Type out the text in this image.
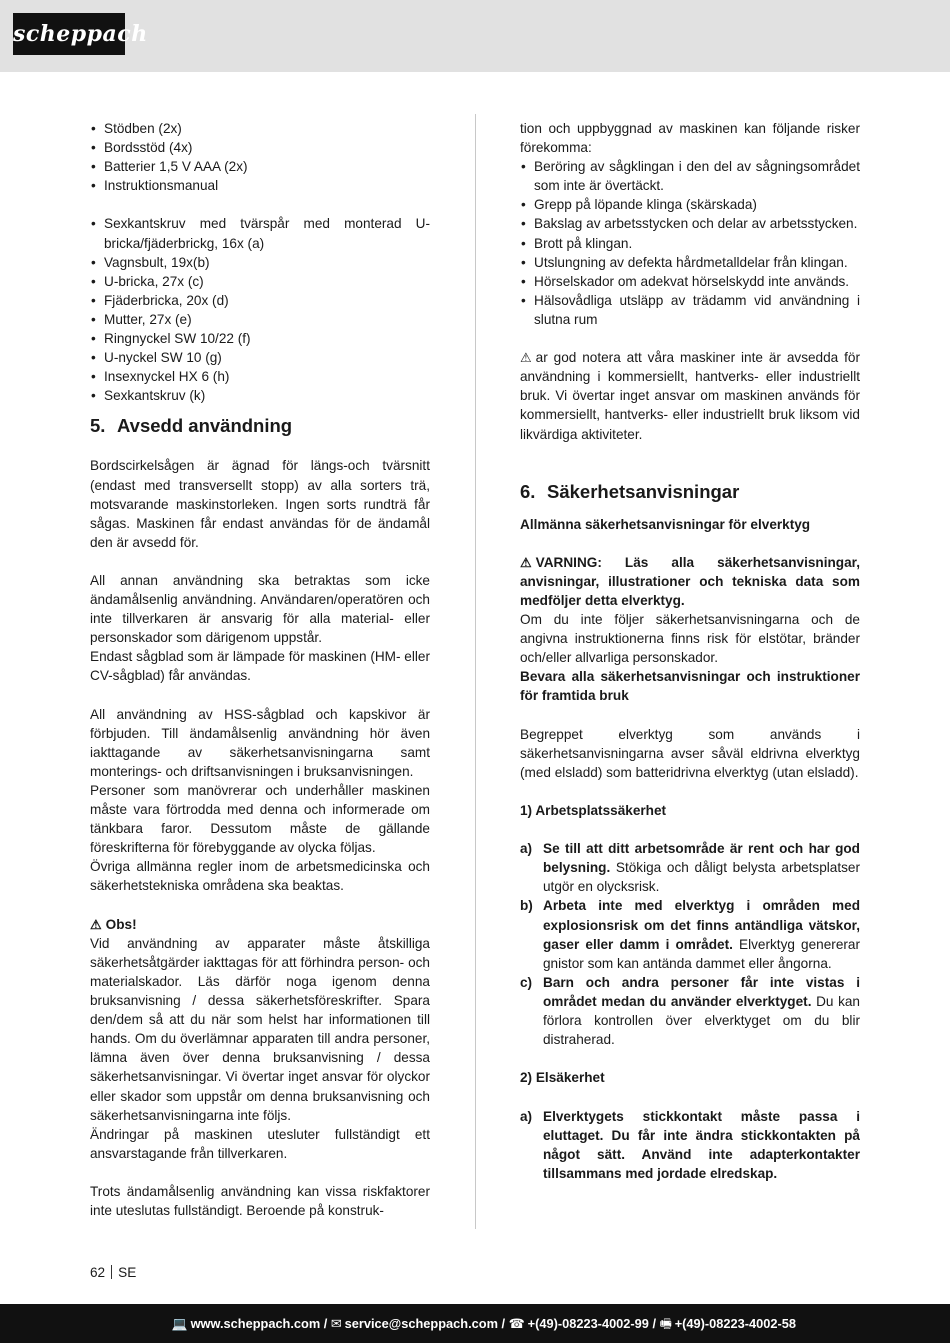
scheppach
• Stödben (2x)
• Bordsstöd (4x)
• Batterier 1,5 V AAA (2x)
• Instruktionsmanual
• Sexkantskruv med tvärspår med monterad U-bricka/fjäderbrickg, 16x (a)
• Vagnsbult, 19x(b)
• U-bricka, 27x (c)
• Fjäderbricka, 20x (d)
• Mutter, 27x (e)
• Ringnyckel SW 10/22 (f)
• U-nyckel SW 10 (g)
• Insexnyckel HX 6 (h)
• Sexkantskruv (k)
5. Avsedd användning

Bordscirkelsågen är ägnad för längs-och tvärsnitt (endast med transversellt stopp) av alla sorters trä, motsvarande maskinstorleken. Ingen sorts rundträ får sågas. Maskinen får endast användas för de ändamål den är avsedd för.

All annan användning ska betraktas som icke ändamålsenlig användning. Användaren/operatören och inte tillverkaren är ansvarig för alla material- eller personskador som därigenom uppstår.

Endast sågblad som är lämpade för maskinen (HM- eller CV-sågblad) får användas.

All användning av HSS-sågblad och kapskivor är förbjuden. Till ändamålsenlig användning hör även iakttagande av säkerhetsanvisningarna samt monterings- och driftsanvisningen i bruksanvisningen.

Personer som manövrerar och underhåller maskinen måste vara förtrodda med denna och informerade om tänkbara faror. Dessutom måste de gällande föreskrifterna för förebyggande av olycka följas.

Övriga allmänna regler inom de arbetsmedicinska och säkerhetstekniska områdena ska beaktas.

⚠ Obs!

Vid användning av apparater måste åtskilliga säkerhetsåtgärder iakttagas för att förhindra person- och materialskador. Läs därför noga igenom denna bruksanvisning / dessa säkerhetsföreskrifter. Spara den/dem så att du när som helst har informationen till hands. Om du överlämnar apparaten till andra personer, lämna även över denna bruksanvisning / dessa säkerhetsanvisningar. Vi övertar inget ansvar för olyckor eller skador som uppstår om denna bruksanvisning och säkerhetsanvisningarna inte följs.

Ändringar på maskinen utesluter fullständigt ett ansvarstagande från tillverkaren.

Trots ändamålsenlig användning kan vissa riskfaktorer inte uteslutas fullständigt. Beroende på konstruk-

tion och uppbyggnad av maskinen kan följande risker förekomma:

• Beröring av sågklingan i den del av sågningsområdet som inte är övertäckt.
• Grepp på löpande klinga (skärskada)
• Bakslag av arbetsstycken och delar av arbetsstycken.
• Brott på klingan.
• Utslungning av defekta hårdmetalldelar från klingan.
• Hörselskador om adekvat hörselskydd inte används.
• Hälsovådliga utsläpp av trädamm vid användning i slutna rum

⚠ ar god notera att våra maskiner inte är avsedda för användning i kommersiellt, hantverks- eller industriellt bruk. Vi övertar inget ansvar om maskinen används för kommersiellt, hantverks- eller industriellt bruk liksom vid likvärdiga aktiviteter.

6. Säkerhetsanvisningar

Allmänna säkerhetsanvisningar för elverktyg

⚠ VARNING: Läs alla säkerhetsanvisningar, anvisningar, illustrationer och tekniska data som medföljer detta elverktyg.

Om du inte följer säkerhetsanvisningarna och de angivna instruktionerna finns risk för elstötar, bränder och/eller allvarliga personskador.

Bevara alla säkerhetsanvisningar och instruktioner för framtida bruk

Begreppet elverktyg som används i säkerhetsanvisningarna avser såväl eldrivna elverktyg (med elsladd) som batteridrivna elverktyg (utan elsladd).

1) Arbetsplatssäkerhet

a) Se till att ditt arbetsområde är rent och har god belysning. Stökiga och dåligt belysta arbetsplatser utgör en olycksrisk.
b) Arbeta inte med elverktyg i områden med explosionsrisk om det finns antändliga vätskor, gaser eller damm i området. Elverktyg genererar gnistor som kan antända dammet eller ångorna.
c) Barn och andra personer får inte vistas i området medan du använder elverktyget. Du kan förlora kontrollen över elverktyget om du blir distraherad.

2) Elsäkerhet

a) Elverktygets stickkontakt måste passa i eluttaget. Du får inte ändra stickkontakten på något sätt. Använd inte adapterkontakter tillsammans med jordade elredskap.
62 SE
💻 www.scheppach.com / ✉ service@scheppach.com / ☎ +(49)-08223-4002-99 / 🖷 +(49)-08223-4002-58
